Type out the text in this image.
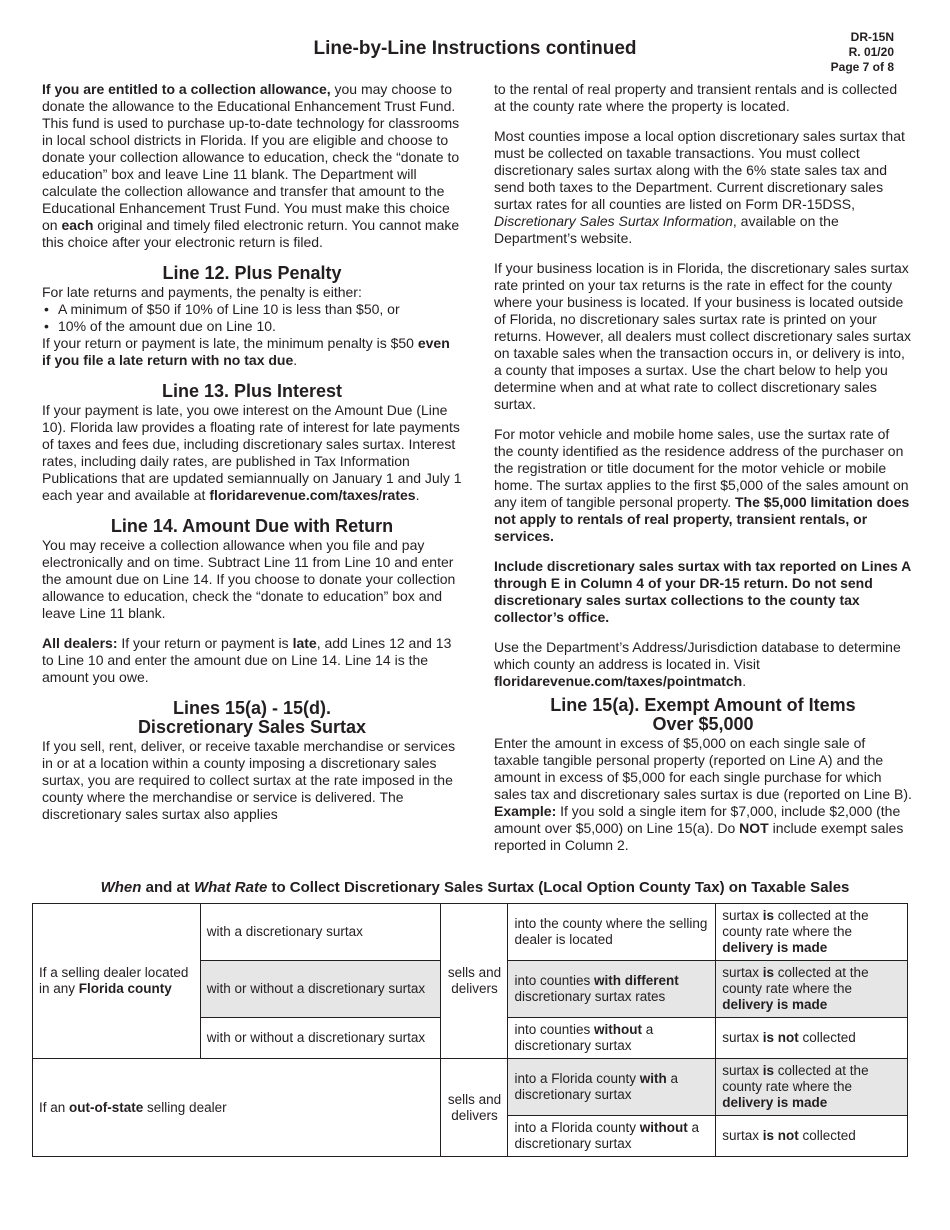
Line-by-Line Instructions continued
DR-15N
R. 01/20
Page 7 of 8

If you are entitled to a collection allowance, you may choose to donate the allowance to the Educational Enhancement Trust Fund. This fund is used to purchase up-to-date technology for classrooms in local school districts in Florida. If you are eligible and choose to donate your collection allowance to education, check the “donate to education” box and leave Line 11 blank. The Department will calculate the collection allowance and transfer that amount to the Educational Enhancement Trust Fund. You must make this choice on each original and timely filed electronic return. You cannot make this choice after your electronic return is filed.

Line 12. Plus Penalty

For late returns and payments, the penalty is either:

• A minimum of $50 if 10% of Line 10 is less than $50, or

• 10% of the amount due on Line 10.

If your return or payment is late, the minimum penalty is $50 even if you file a late return with no tax due.

Line 13. Plus Interest

If your payment is late, you owe interest on the Amount Due (Line 10). Florida law provides a floating rate of interest for late payments of taxes and fees due, including discretionary sales surtax. Interest rates, including daily rates, are published in Tax Information Publications that are updated semiannually on January 1 and July 1 each year and available at floridarevenue.com/taxes/rates.

Line 14. Amount Due with Return

You may receive a collection allowance when you file and pay electronically and on time. Subtract Line 11 from Line 10 and enter the amount due on Line 14. If you choose to donate your collection allowance to education, check the “donate to education” box and leave Line 11 blank.

All dealers: If your return or payment is late, add Lines 12 and 13 to Line 10 and enter the amount due on Line 14. Line 14 is the amount you owe.

Lines 15(a) - 15(d).
Discretionary Sales Surtax

If you sell, rent, deliver, or receive taxable merchandise or services in or at a location within a county imposing a discretionary sales surtax, you are required to collect surtax at the rate imposed in the county where the merchandise or service is delivered. The discretionary sales surtax also applies

to the rental of real property and transient rentals and is collected at the county rate where the property is located.

Most counties impose a local option discretionary sales surtax that must be collected on taxable transactions. You must collect discretionary sales surtax along with the 6% state sales tax and send both taxes to the Department. Current discretionary sales surtax rates for all counties are listed on Form DR-15DSS, Discretionary Sales Surtax Information, available on the Department’s website.

If your business location is in Florida, the discretionary sales surtax rate printed on your tax returns is the rate in effect for the county where your business is located. If your business is located outside of Florida, no discretionary sales surtax rate is printed on your returns. However, all dealers must collect discretionary sales surtax on taxable sales when the transaction occurs in, or delivery is into, a county that imposes a surtax. Use the chart below to help you determine when and at what rate to collect discretionary sales surtax.

For motor vehicle and mobile home sales, use the surtax rate of the county identified as the residence address of the purchaser on the registration or title document for the motor vehicle or mobile home. The surtax applies to the first $5,000 of the sales amount on any item of tangible personal property. The $5,000 limitation does not apply to rentals of real property, transient rentals, or services.

Include discretionary sales surtax with tax reported on Lines A through E in Column 4 of your DR-15 return. Do not send discretionary sales surtax collections to the county tax collector’s office.

Use the Department’s Address/Jurisdiction database to determine which county an address is located in. Visit floridarevenue.com/taxes/pointmatch.

Line 15(a). Exempt Amount of Items
Over $5,000

Enter the amount in excess of $5,000 on each single sale of taxable tangible personal property (reported on Line A) and the amount in excess of $5,000 for each single purchase for which sales tax and discretionary sales surtax is due (reported on Line B). Example: If you sold a single item for $7,000, include $2,000 (the amount over $5,000) on Line 15(a). Do NOT include exempt sales reported in Column 2.

When and at What Rate to Collect Discretionary Sales Surtax (Local Option County Tax) on Taxable Sales
If a selling dealer located in any Florida county	with a discretionary surtax	sells and delivers	into the county where the selling dealer is located	surtax is collected at the county rate where the delivery is made
	with or without a discretionary surtax		into counties with different discretionary surtax rates	surtax is collected at the county rate where the delivery is made
	with or without a discretionary surtax		into counties without a discretionary surtax	surtax is not collected
If an out-of-state selling dealer		sells and delivers	into a Florida county with a discretionary surtax	surtax is collected at the county rate where the delivery is made
			into a Florida county without a discretionary surtax	surtax is not collected
